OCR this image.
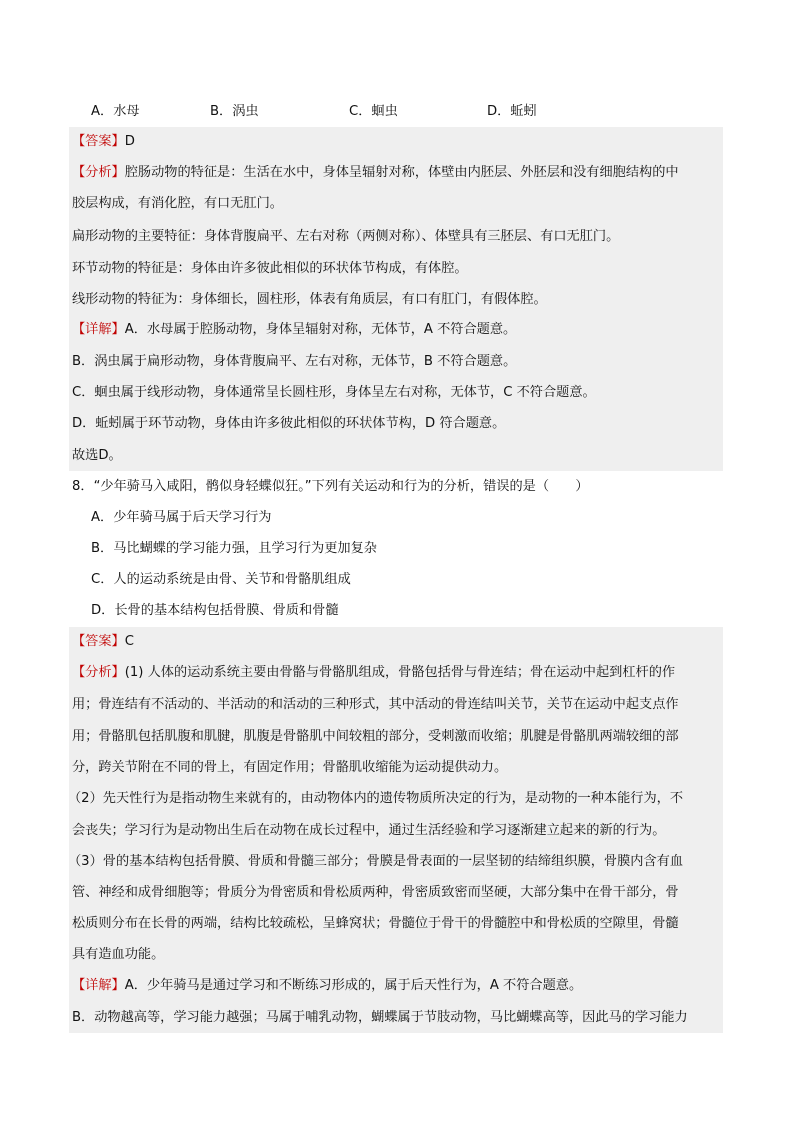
A．水母	B．涡虫	C．蛔虫	D．蚯蚓
【答案】D
【分析】腔肠动物的特征是：生活在水中，身体呈辐射对称，体壁由内胚层、外胚层和没有细胞结构的中
胶层构成，有消化腔，有口无肛门。
扁形动物的主要特征：身体背腹扁平、左右对称（两侧对称）、体壁具有三胚层、有口无肛门。
环节动物的特征是：身体由许多彼此相似的环状体节构成，有体腔。
线形动物的特征为：身体细长，圆柱形，体表有角质层，有口有肛门，有假体腔。
【详解】A．水母属于腔肠动物，身体呈辐射对称，无体节，A 不符合题意。
B．涡虫属于扁形动物，身体背腹扁平、左右对称，无体节，B 不符合题意。
C．蛔虫属于线形动物，身体通常呈长圆柱形，身体呈左右对称，无体节，C 不符合题意。
D．蚯蚓属于环节动物，身体由许多彼此相似的环状体节构，D 符合题意。
故选D。
8．“少年骑马入咸阳，鹘似身轻蝶似狂。”下列有关运动和行为的分析，错误的是（　　）
A．少年骑马属于后天学习行为
B．马比蝴蝶的学习能力强，且学习行为更加复杂
C．人的运动系统是由骨、关节和骨骼肌组成
D．长骨的基本结构包括骨膜、骨质和骨髓
【答案】C
【分析】(1) 人体的运动系统主要由骨骼与骨骼肌组成，骨骼包括骨与骨连结；骨在运动中起到杠杆的作
用；骨连结有不活动的、半活动的和活动的三种形式，其中活动的骨连结叫关节，关节在运动中起支点作
用；骨骼肌包括肌腹和肌腱，肌腹是骨骼肌中间较粗的部分，受刺激而收缩；肌腱是骨骼肌两端较细的部
分，跨关节附在不同的骨上，有固定作用；骨骼肌收缩能为运动提供动力。
（2）先天性行为是指动物生来就有的，由动物体内的遗传物质所决定的行为，是动物的一种本能行为，不
会丧失；学习行为是动物出生后在动物在成长过程中，通过生活经验和学习逐渐建立起来的新的行为。
（3）骨的基本结构包括骨膜、骨质和骨髓三部分；骨膜是骨表面的一层坚韧的结缔组织膜，骨膜内含有血
管、神经和成骨细胞等；骨质分为骨密质和骨松质两种，骨密质致密而坚硬，大部分集中在骨干部分，骨
松质则分布在长骨的两端，结构比较疏松，呈蜂窝状；骨髓位于骨干的骨髓腔中和骨松质的空隙里，骨髓
具有造血功能。
【详解】A．少年骑马是通过学习和不断练习形成的，属于后天性行为，A 不符合题意。
B．动物越高等，学习能力越强；马属于哺乳动物，蝴蝶属于节肢动物，马比蝴蝶高等，因此马的学习能力
